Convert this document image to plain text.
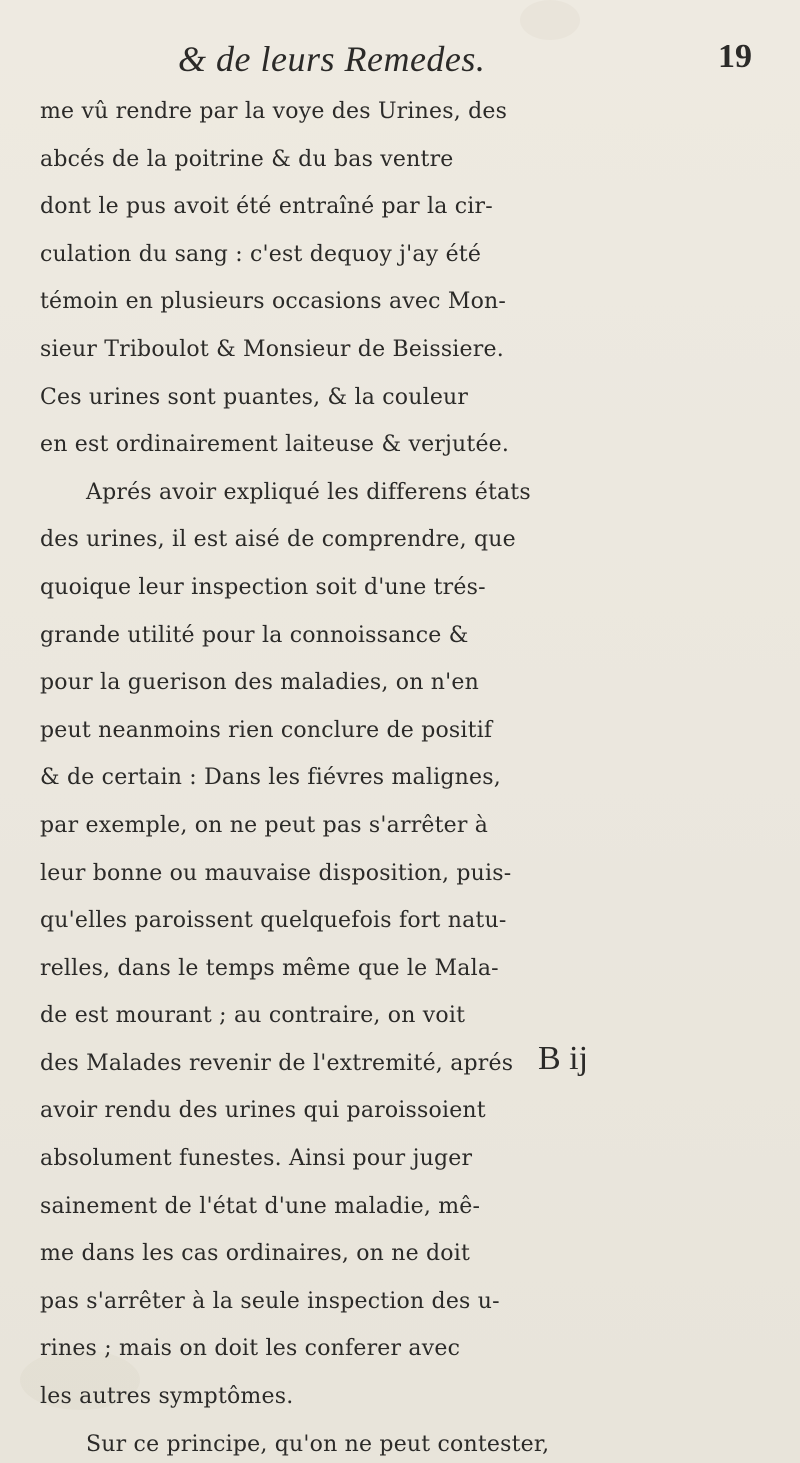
& de leurs Remedes.	19
me vû rendre par la voye des Urines, des
abcés de la poitrine & du bas ventre
dont le pus avoit été entraîné par la cir-
culation du sang : c'est dequoy j'ay été
témoin en plusieurs occasions avec Mon-
sieur Triboulot & Monsieur de Beissiere.
Ces urines sont puantes, & la couleur
en est ordinairement laiteuse & verjutée.
Aprés avoir expliqué les differens états
des urines, il est aisé de comprendre, que
quoique leur inspection soit d'une trés-
grande utilité pour la connoissance &
pour la guerison des maladies, on n'en
peut neanmoins rien conclure de positif
& de certain : Dans les fiévres malignes,
par exemple, on ne peut pas s'arrêter à
leur bonne ou mauvaise disposition, puis-
qu'elles paroissent quelquefois fort natu-
relles, dans le temps même que le Mala-
de est mourant ; au contraire, on voit
des Malades revenir de l'extremité, aprés
avoir rendu des urines qui paroissoient
absolument funestes. Ainsi pour juger
sainement de l'état d'une maladie, mê-
me dans les cas ordinaires, on ne doit
pas s'arrêter à la seule inspection des u-
rines ; mais on doit les conferer avec
les autres symptômes.
Sur ce principe, qu'on ne peut contester,
B ij
